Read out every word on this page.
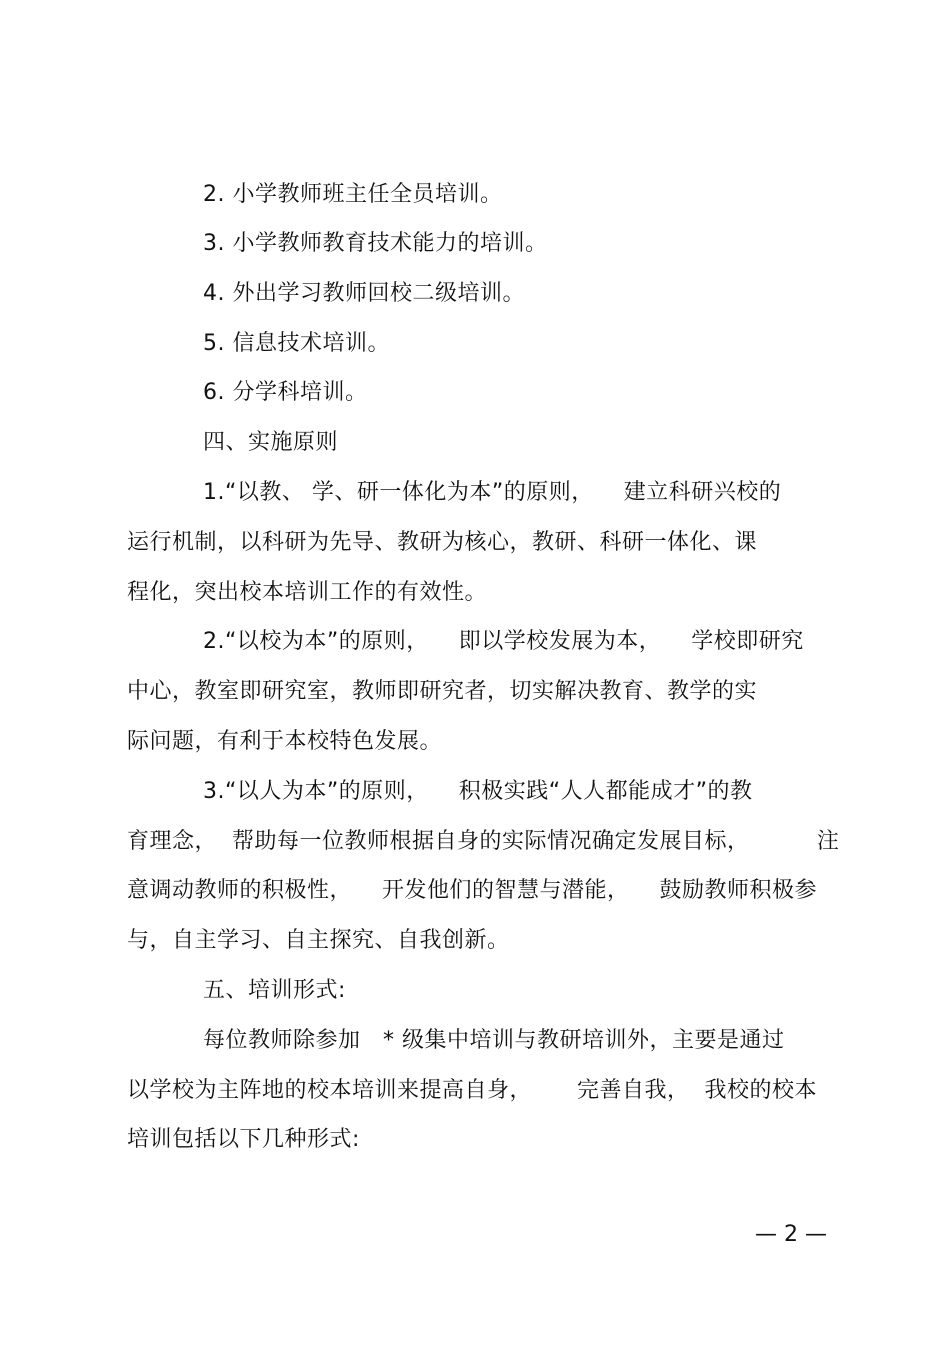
2. 小学教师班主任全员培训。
3. 小学教师教育技术能力的培训。
4. 外出学习教师回校二级培训。
5. 信息技术培训。
6. 分学科培训。
四、实施原则
1.“以教、 学、研一体化为本”的原则，    建立科研兴校的
运行机制，以科研为先导、教研为核心，教研、科研一体化、课
程化，突出校本培训工作的有效性。
2.“以校为本”的原则，    即以学校发展为本，    学校即研究
中心，教室即研究室，教师即研究者，切实解决教育、教学的实
际问题，有利于本校特色发展。
3.“以人为本”的原则，    积极实践“人人都能成才”的教
育理念，  帮助每一位教师根据自身的实际情况确定发展目标，         注
意调动教师的积极性，    开发他们的智慧与潜能，    鼓励教师积极参
与，自主学习、自主探究、自我创新。
五、培训形式:
每位教师除参加   * 级集中培训与教研培训外，主要是通过
以学校为主阵地的校本培训来提高自身，      完善自我，  我校的校本
培训包括以下几种形式:
— 2 —
